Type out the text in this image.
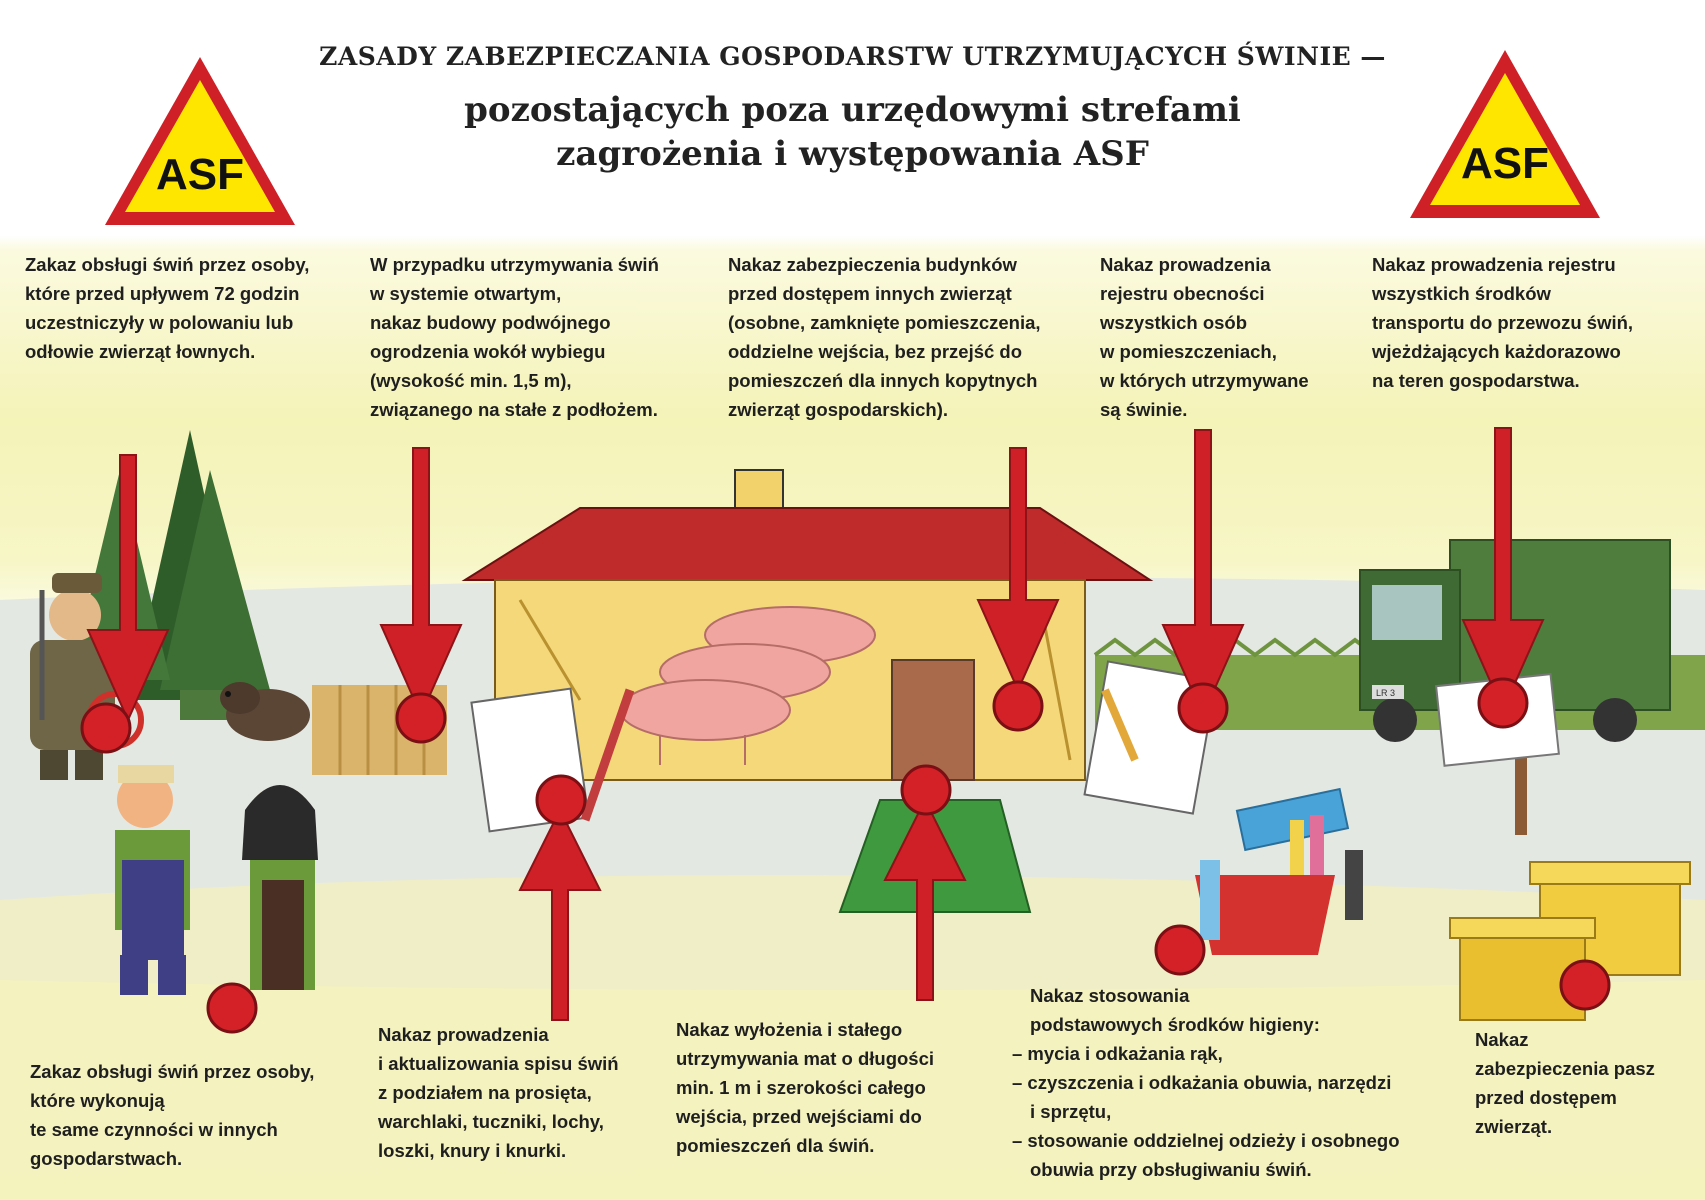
LR 3
ASF	ASF
ZASADY ZABEZPIECZANIA GOSPODARSTW UTRZYMUJĄCYCH ŚWINIE —
pozostających poza urzędowymi strefami
zagrożenia i występowania ASF
Zakaz obsługi świń przez osoby,
które przed upływem 72 godzin
uczestniczyły w polowaniu lub
odłowie zwierząt łownych.
W przypadku utrzymywania świń
w systemie otwartym,
nakaz budowy podwójnego
ogrodzenia wokół wybiegu
(wysokość min. 1,5 m),
związanego na stałe z podłożem.
Nakaz zabezpieczenia budynków
przed dostępem innych zwierząt
(osobne, zamknięte pomieszczenia,
oddzielne wejścia, bez przejść do
pomieszczeń dla innych kopytnych
zwierząt gospodarskich).
Nakaz prowadzenia
rejestru obecności
wszystkich osób
w pomieszczeniach,
w których utrzymywane
są świnie.
Nakaz prowadzenia rejestru
wszystkich środków
transportu do przewozu świń,
wjeżdżających każdorazowo
na teren gospodarstwa.
Zakaz obsługi świń przez osoby,
które wykonują
te same czynności w innych
gospodarstwach.
Nakaz prowadzenia
i aktualizowania spisu świń
z podziałem na prosięta,
warchlaki, tuczniki, lochy,
loszki, knury i knurki.
Nakaz wyłożenia i stałego
utrzymywania mat o długości
min. 1 m i szerokości całego
wejścia, przed wejściami do
pomieszczeń dla świń.
Nakaz stosowania
podstawowych środków higieny:
– mycia i odkażania rąk,
– czyszczenia i odkażania obuwia, narzędzi
i sprzętu,
– stosowanie oddzielnej odzieży i osobnego
obuwia przy obsługiwaniu świń.
Nakaz
zabezpieczenia pasz
przed dostępem
zwierząt.
